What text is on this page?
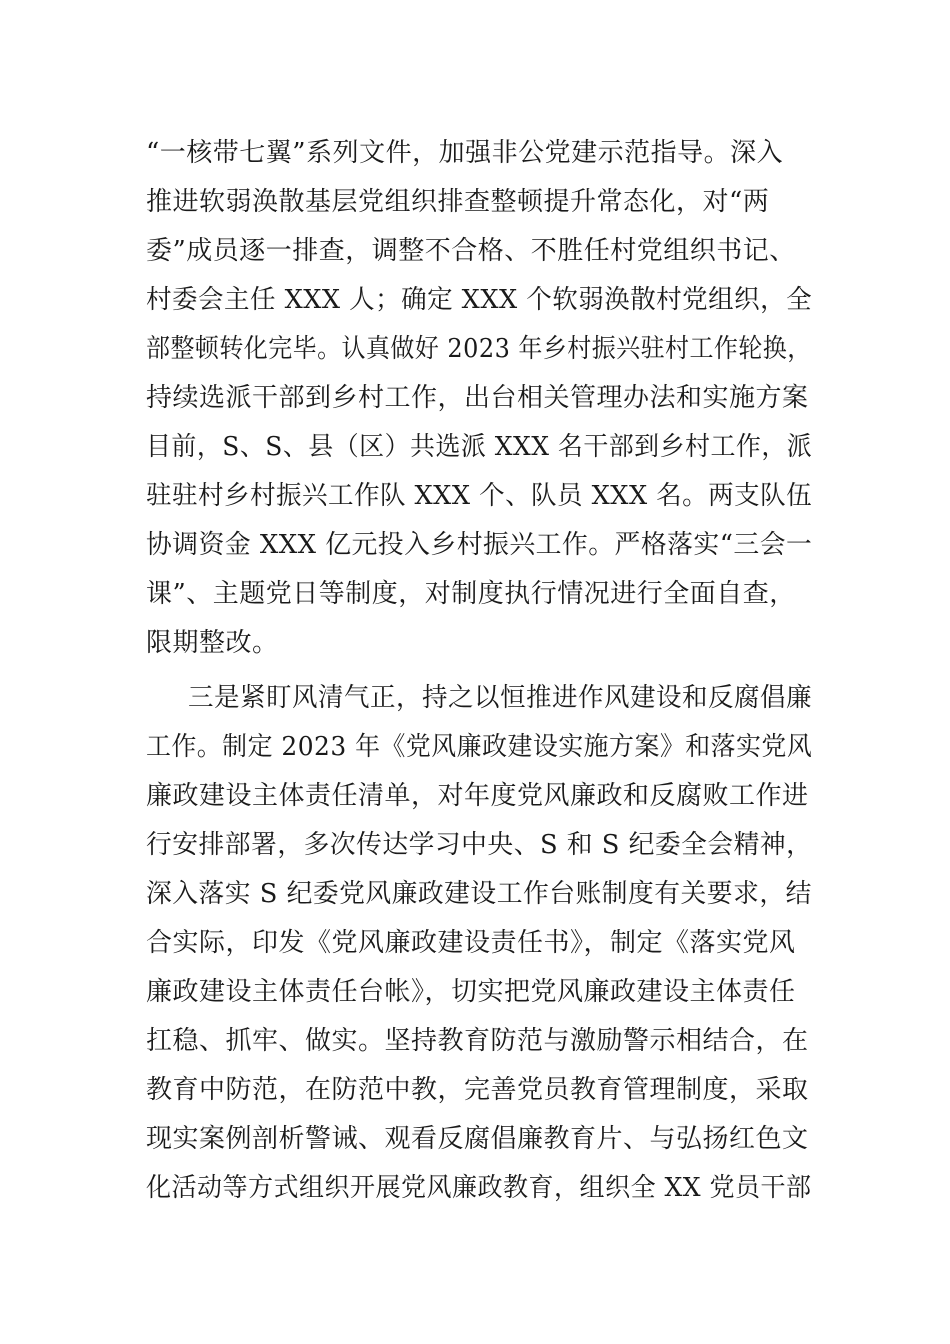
“一核带七翼”系列文件，加强非公党建示范指导。深入
推进软弱涣散基层党组织排查整顿提升常态化，对“两
委”成员逐一排查，调整不合格、不胜任村党组织书记、
村委会主任 XXX 人；确定 XXX 个软弱涣散村党组织，全
部整顿转化完毕。认真做好 2023 年乡村振兴驻村工作轮换，
持续选派干部到乡村工作，出台相关管理办法和实施方案
目前，S、S、县（区）共选派 XXX 名干部到乡村工作，派
驻驻村乡村振兴工作队 XXX 个、队员 XXX 名。两支队伍
协调资金 XXX 亿元投入乡村振兴工作。严格落实“三会一
课”、主题党日等制度，对制度执行情况进行全面自查，
限期整改。
三是紧盯风清气正，持之以恒推进作风建设和反腐倡廉
工作。制定 2023 年《党风廉政建设实施方案》和落实党风
廉政建设主体责任清单，对年度党风廉政和反腐败工作进
行安排部署，多次传达学习中央、S 和 S 纪委全会精神，
深入落实 S 纪委党风廉政建设工作台账制度有关要求，结
合实际，印发《党风廉政建设责任书》，制定《落实党风
廉政建设主体责任台帐》，切实把党风廉政建设主体责任
扛稳、抓牢、做实。坚持教育防范与激励警示相结合，在
教育中防范，在防范中教，完善党员教育管理制度，采取
现实案例剖析警诫、观看反腐倡廉教育片、与弘扬红色文
化活动等方式组织开展党风廉政教育，组织全 XX 党员干部
